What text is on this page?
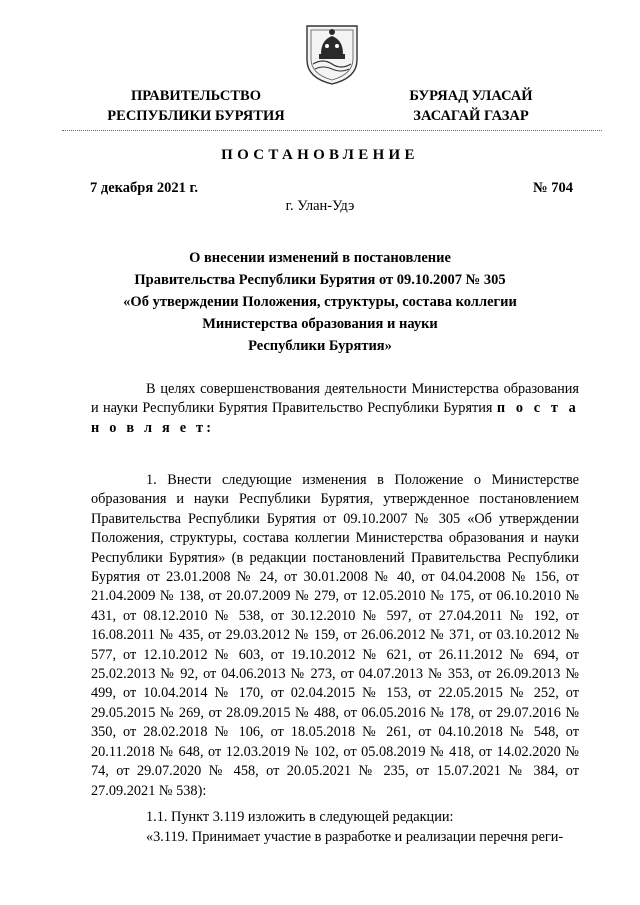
ПРАВИТЕЛЬСТВО
РЕСПУБЛИКИ БУРЯТИЯ
БУРЯАД УЛАСАЙ
ЗАСАГАЙ ГАЗАР
ПОСТАНОВЛЕНИЕ
7 декабря 2021 г.	№ 704
г. Улан-Удэ
О внесении изменений в постановление
Правительства Республики Бурятия от 09.10.2007 № 305
«Об утверждении Положения, структуры, состава коллегии
Министерства образования и науки
Республики Бурятия»
В целях совершенствования деятельности Министерства образования и науки Республики Бурятия Правительство Республики Бурятия п о с т а н о в л я е т:
1. Внести следующие изменения в Положение о Министерстве образования и науки Республики Бурятия, утвержденное постановлением Правительства Республики Бурятия от 09.10.2007 № 305 «Об утверждении Положения, структуры, состава коллегии Министерства образования и науки Республики Бурятия» (в редакции постановлений Правительства Республики Бурятия от 23.01.2008 № 24, от 30.01.2008 № 40, от 04.04.2008 № 156, от 21.04.2009 № 138, от 20.07.2009 № 279, от 12.05.2010 № 175, от 06.10.2010 № 431, от 08.12.2010 № 538, от 30.12.2010 № 597, от 27.04.2011 № 192, от 16.08.2011 № 435, от 29.03.2012 № 159, от 26.06.2012 № 371, от 03.10.2012 № 577, от 12.10.2012 № 603, от 19.10.2012 № 621, от 26.11.2012 № 694, от 25.02.2013 № 92, от 04.06.2013 № 273, от 04.07.2013 № 353, от 26.09.2013 № 499, от 10.04.2014 № 170, от 02.04.2015 № 153, от 22.05.2015 № 252, от 29.05.2015 № 269, от 28.09.2015 № 488, от 06.05.2016 № 178, от 29.07.2016 № 350, от 28.02.2018 № 106, от 18.05.2018 № 261, от 04.10.2018 № 548, от 20.11.2018 № 648, от 12.03.2019 № 102, от 05.08.2019 № 418, от 14.02.2020 № 74, от 29.07.2020 № 458, от 20.05.2021 № 235, от 15.07.2021 № 384, от 27.09.2021 № 538):
1.1. Пункт 3.119 изложить в следующей редакции:
«3.119. Принимает участие в разработке и реализации перечня реги-
